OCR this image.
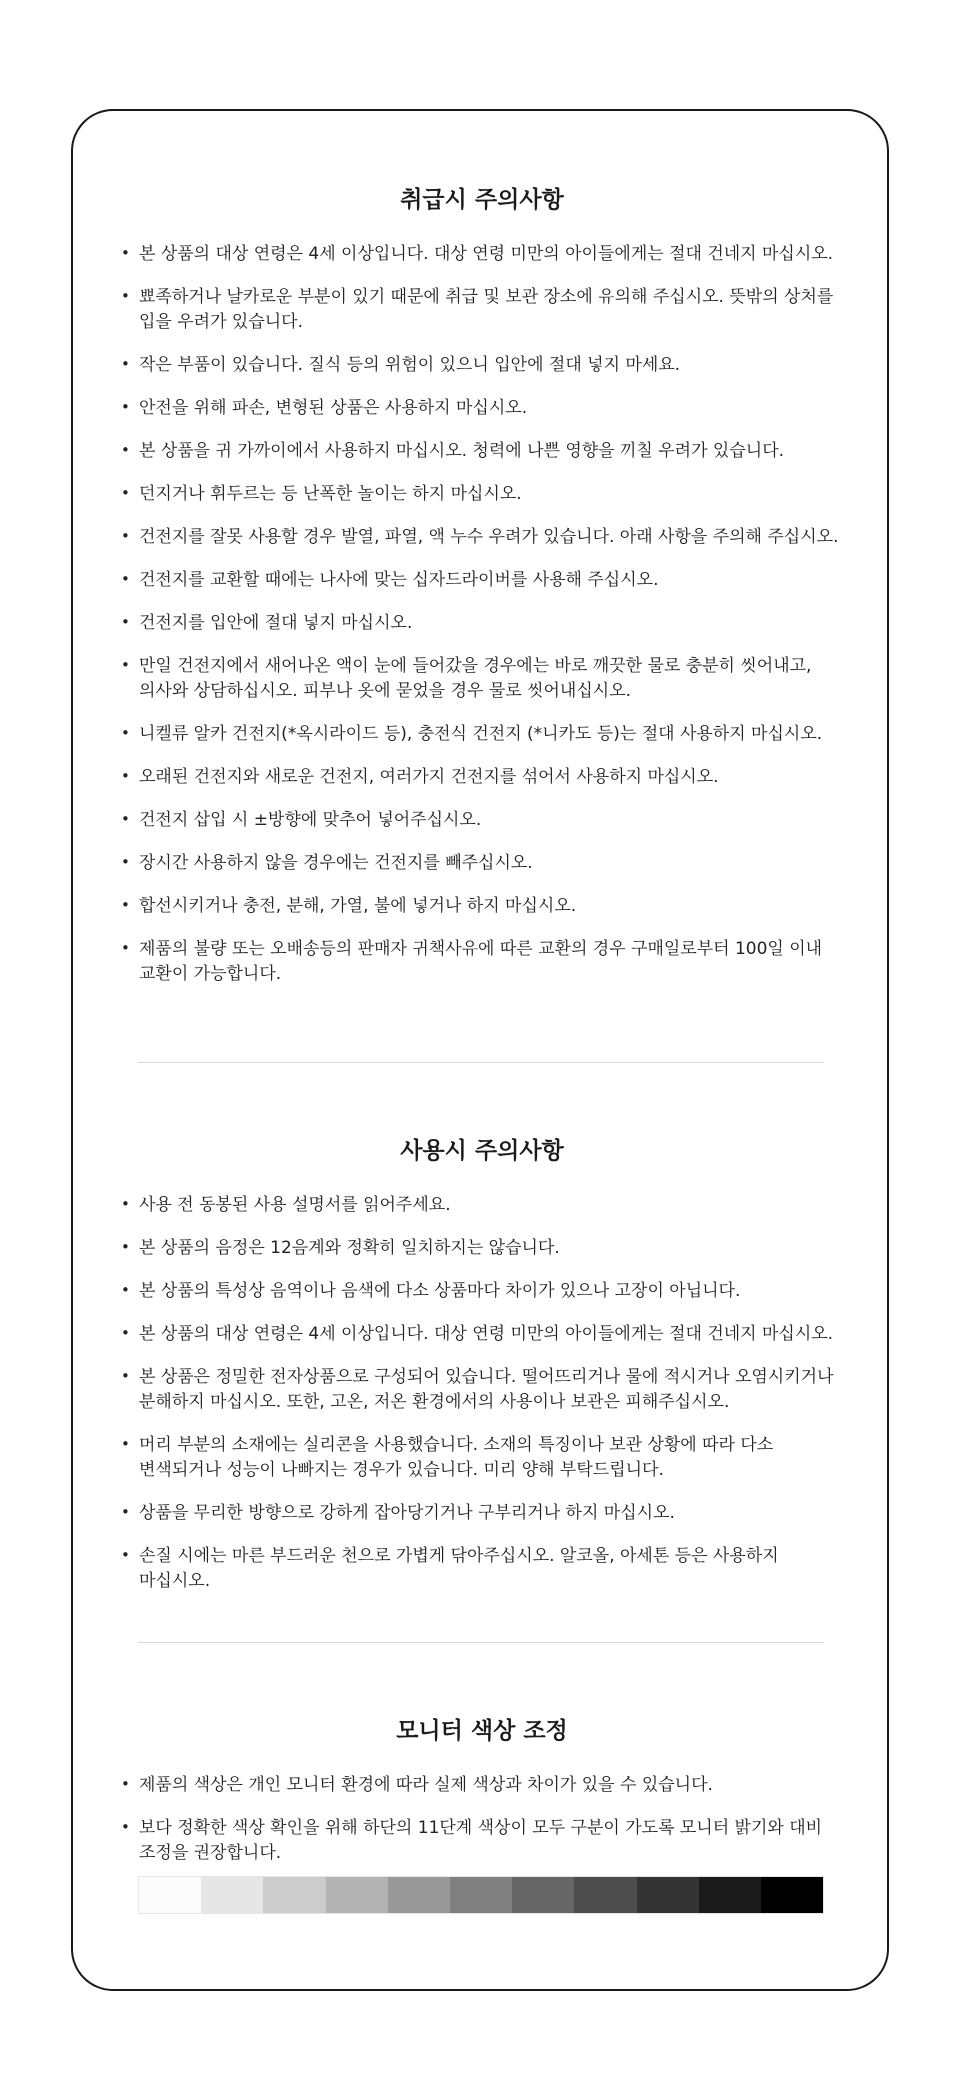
취급시 주의사항
• 본 상품의 대상 연령은 4세 이상입니다. 대상 연령 미만의 아이들에게는 절대 건네지 마십시오.
• 뾰족하거나 날카로운 부분이 있기 때문에 취급 및 보관 장소에 유의해 주십시오. 뜻밖의 상처를 입을 우려가 있습니다.
• 작은 부품이 있습니다. 질식 등의 위험이 있으니 입안에 절대 넣지 마세요.
• 안전을 위해 파손, 변형된 상품은 사용하지 마십시오.
• 본 상품을 귀 가까이에서 사용하지 마십시오. 청력에 나쁜 영향을 끼칠 우려가 있습니다.
• 던지거나 휘두르는 등 난폭한 놀이는 하지 마십시오.
• 건전지를 잘못 사용할 경우 발열, 파열, 액 누수 우려가 있습니다. 아래 사항을 주의해 주십시오.
• 건전지를 교환할 때에는 나사에 맞는 십자드라이버를 사용해 주십시오.
• 건전지를 입안에 절대 넣지 마십시오.
• 만일 건전지에서 새어나온 액이 눈에 들어갔을 경우에는 바로 깨끗한 물로 충분히 씻어내고, 의사와 상담하십시오. 피부나 옷에 묻었을 경우 물로 씻어내십시오.
• 니켈류 알카 건전지(*옥시라이드 등), 충전식 건전지 (*니카도 등)는 절대 사용하지 마십시오.
• 오래된 건전지와 새로운 건전지, 여러가지 건전지를 섞어서 사용하지 마십시오.
• 건전지 삽입 시 ±방향에 맞추어 넣어주십시오.
• 장시간 사용하지 않을 경우에는 건전지를 빼주십시오.
• 합선시키거나 충전, 분해, 가열, 불에 넣거나 하지 마십시오.
• 제품의 불량 또는 오배송등의 판매자 귀책사유에 따른 교환의 경우 구매일로부터 100일 이내 교환이 가능합니다.
사용시 주의사항
• 사용 전 동봉된 사용 설명서를 읽어주세요.
• 본 상품의 음정은 12음계와 정확히 일치하지는 않습니다.
• 본 상품의 특성상 음역이나 음색에 다소 상품마다 차이가 있으나 고장이 아닙니다.
• 본 상품의 대상 연령은 4세 이상입니다. 대상 연령 미만의 아이들에게는 절대 건네지 마십시오.
• 본 상품은 정밀한 전자상품으로 구성되어 있습니다. 떨어뜨리거나 물에 적시거나 오염시키거나 분해하지 마십시오. 또한, 고온, 저온 환경에서의 사용이나 보관은 피해주십시오.
• 머리 부분의 소재에는 실리콘을 사용했습니다. 소재의 특징이나 보관 상황에 따라 다소 변색되거나 성능이 나빠지는 경우가 있습니다. 미리 양해 부탁드립니다.
• 상품을 무리한 방향으로 강하게 잡아당기거나 구부리거나 하지 마십시오.
• 손질 시에는 마른 부드러운 천으로 가볍게 닦아주십시오. 알코올, 아세톤 등은 사용하지 마십시오.
모니터 색상 조정
• 제품의 색상은 개인 모니터 환경에 따라 실제 색상과 차이가 있을 수 있습니다.
• 보다 정확한 색상 확인을 위해 하단의 11단계 색상이 모두 구분이 가도록 모니터 밝기와 대비 조정을 권장합니다.
